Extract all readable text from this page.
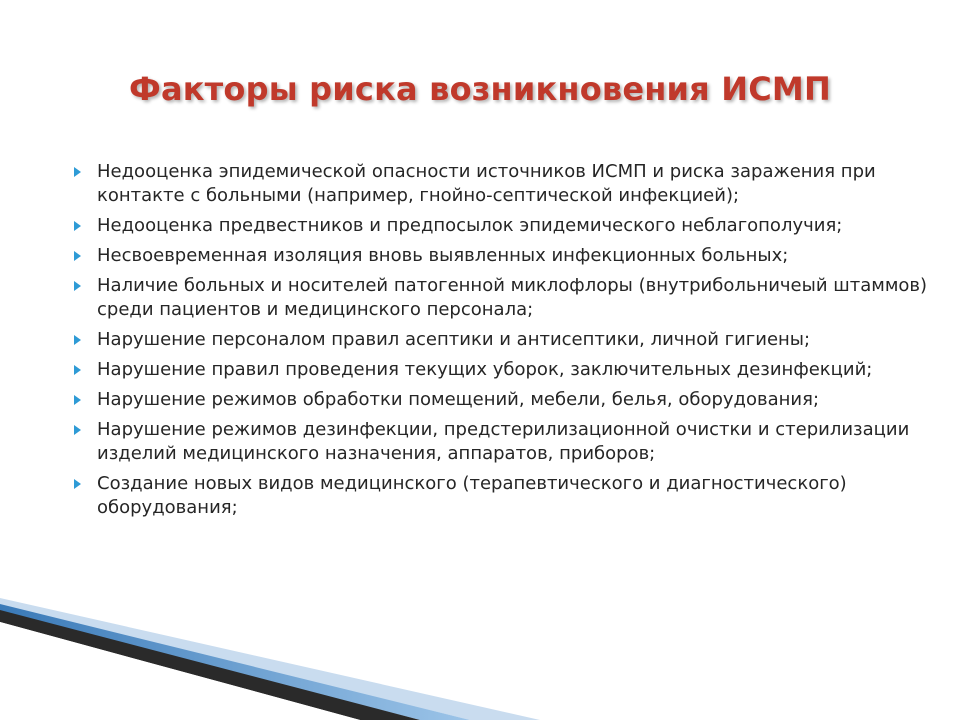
Факторы риска возникновения ИСМП
Недооценка эпидемической опасности источников ИСМП и риска заражения при контакте с больными (например, гнойно-септической инфекцией);
Недооценка предвестников и предпосылок эпидемического неблагополучия;
Несвоевременная изоляция вновь выявленных инфекционных больных;
Наличие больных и носителей патогенной миклофлоры (внутрибольничеый штаммов) среди пациентов и медицинского персонала;
Нарушение персоналом правил асептики и антисептики, личной гигиены;
Нарушение правил проведения текущих уборок, заключительных дезинфекций;
Нарушение режимов обработки помещений, мебели, белья, оборудования;
Нарушение режимов дезинфекции, предстерилизационной очистки и стерилизации изделий медицинского назначения, аппаратов, приборов;
Создание новых видов медицинского (терапевтического и диагностического) оборудования;
